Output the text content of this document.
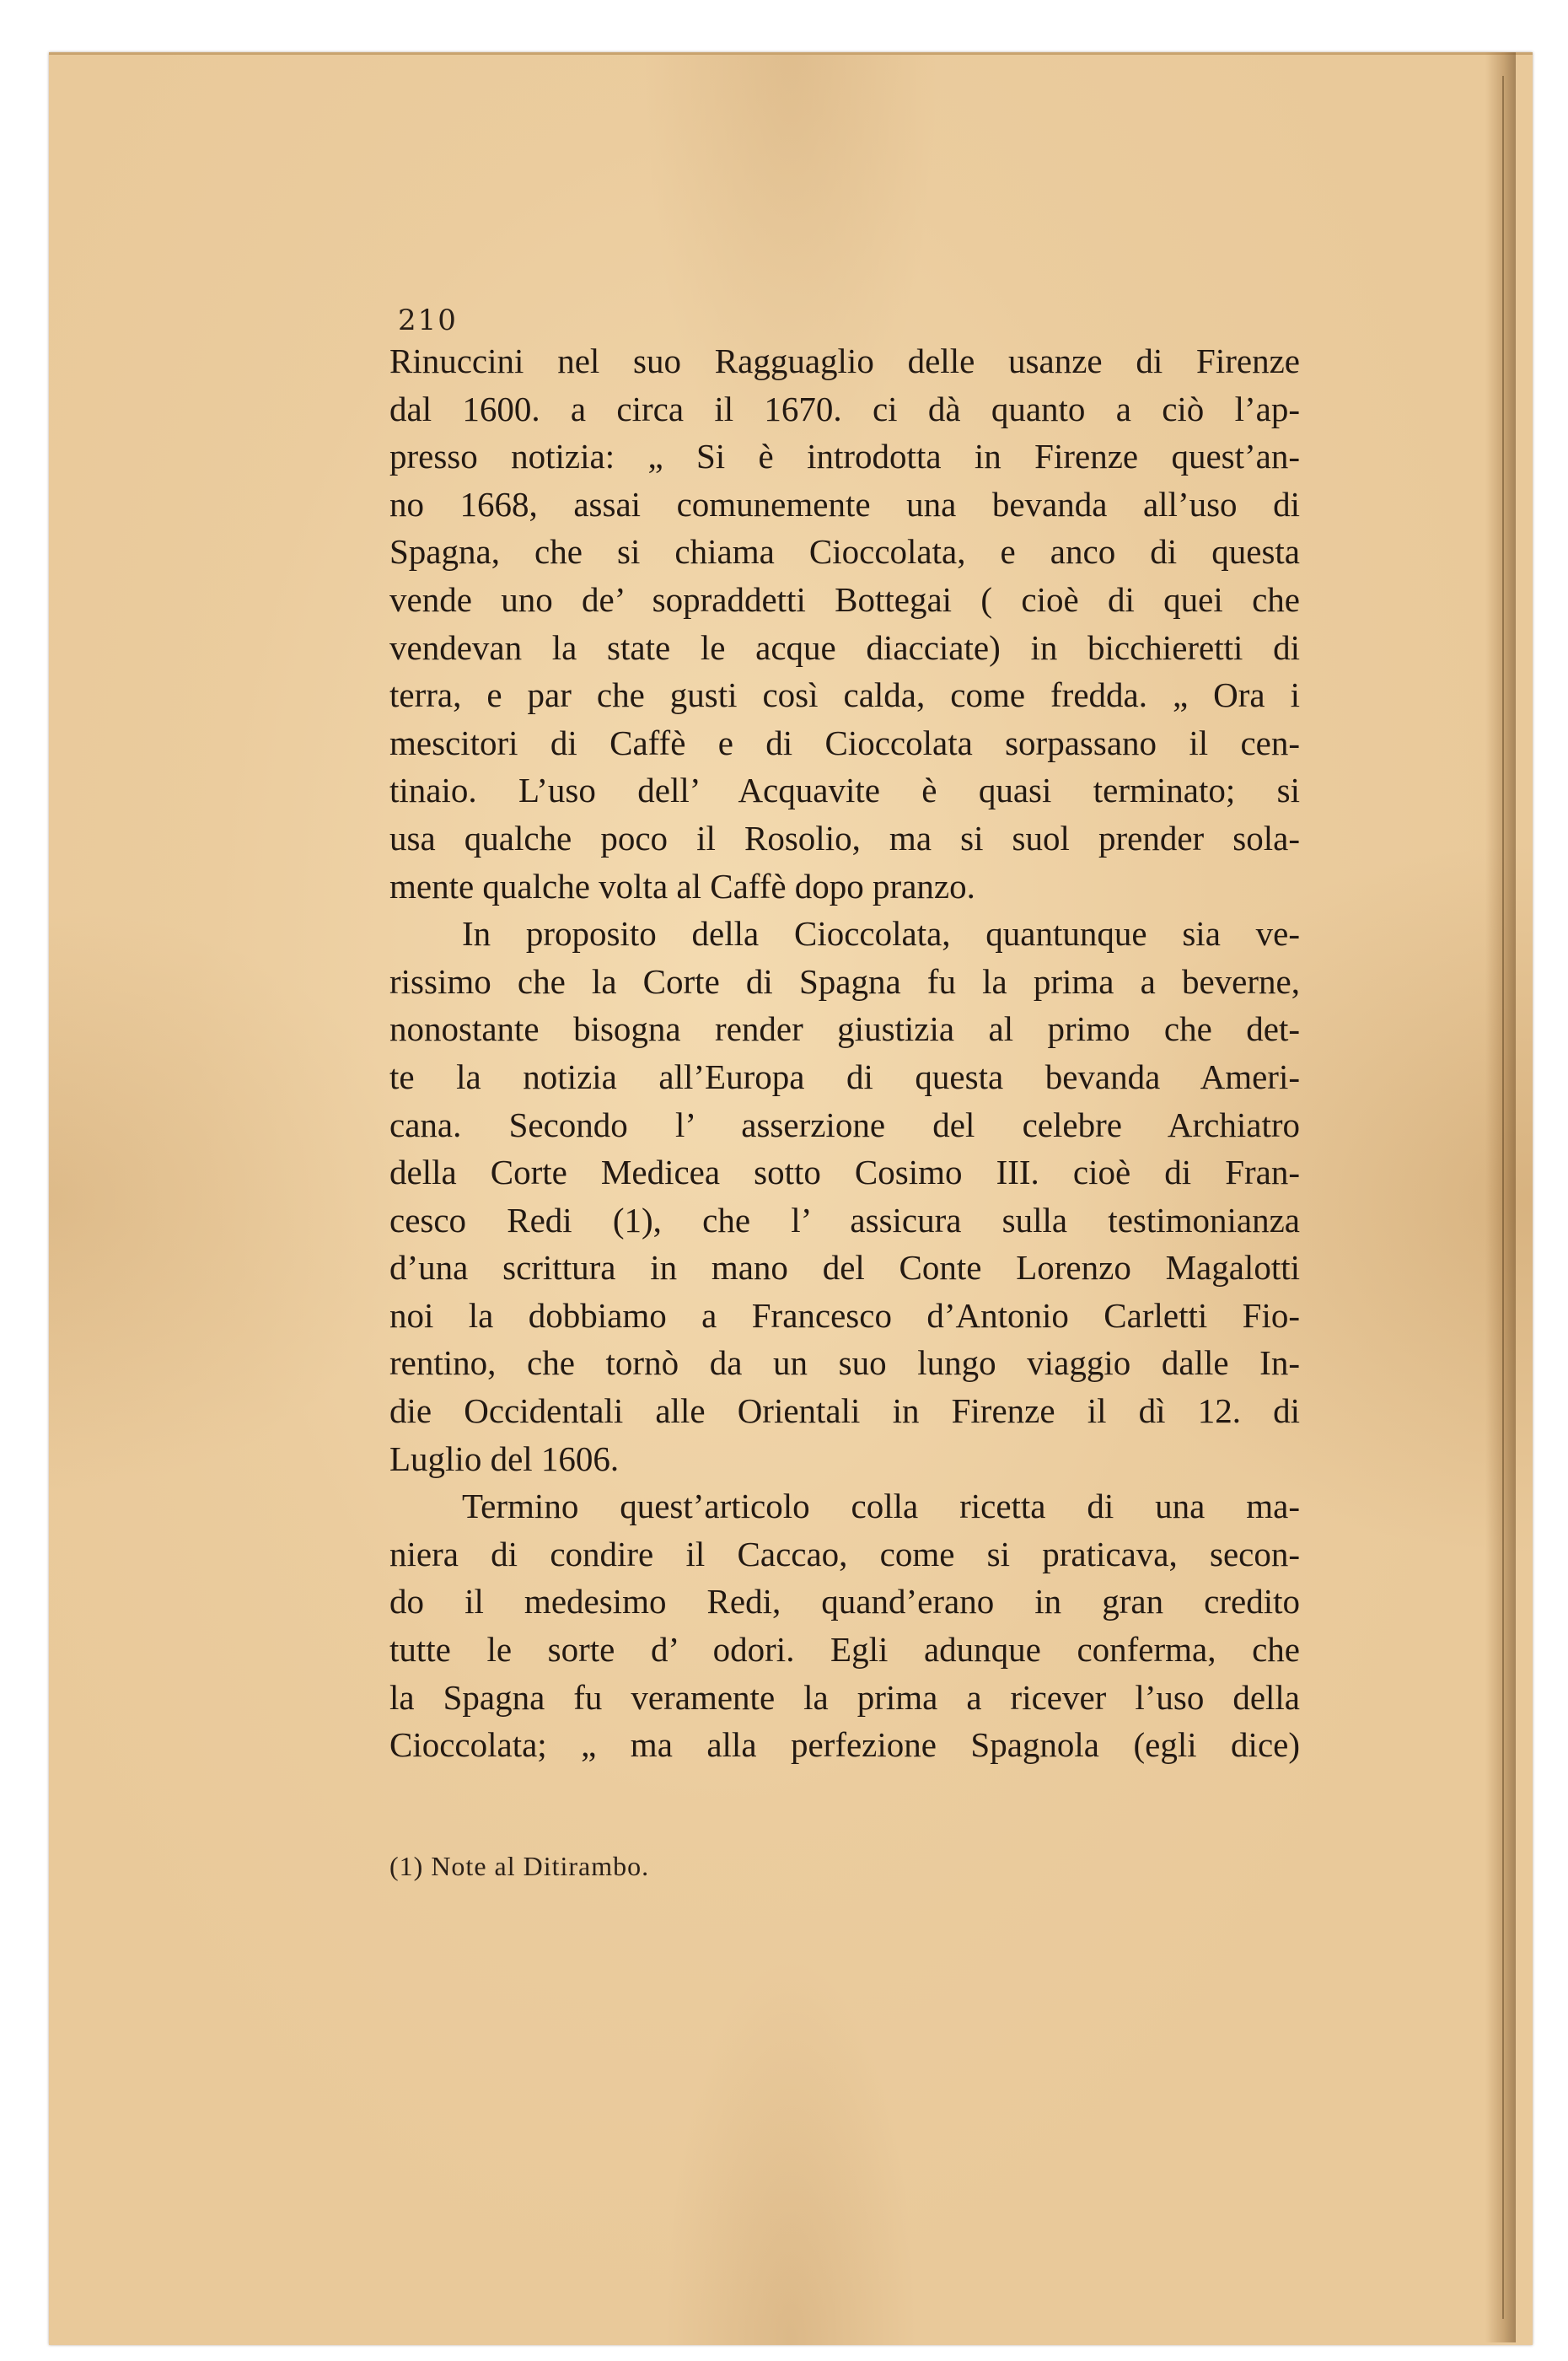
210
Rinuccini nel suo Ragguaglio delle usanze di Firenze
dal 1600. a circa il 1670. ci dà quanto a ciò l’ap-
presso notizia: „ Si è introdotta in Firenze quest’an-
no 1668, assai comunemente una bevanda all’uso di
Spagna, che si chiama Cioccolata, e anco di questa
vende uno de’ sopraddetti Bottegai ( cioè di quei che
vendevan la state le acque diacciate) in bicchieretti di
terra, e par che gusti così calda, come fredda. „ Ora i
mescitori di Caffè e di Cioccolata sorpassano il cen-
tinaio. L’uso dell’ Acquavite è quasi terminato; si
usa qualche poco il Rosolio, ma si suol prender sola-
mente qualche volta al Caffè dopo pranzo.
In proposito della Cioccolata, quantunque sia ve-
rissimo che la Corte di Spagna fu la prima a beverne,
nonostante bisogna render giustizia al primo che det-
te la notizia all’Europa di questa bevanda Ameri-
cana. Secondo l’ asserzione del celebre Archiatro
della Corte Medicea sotto Cosimo III. cioè di Fran-
cesco Redi (1), che l’ assicura sulla testimonianza
d’una scrittura in mano del Conte Lorenzo Magalotti
noi la dobbiamo a Francesco d’Antonio Carletti Fio-
rentino, che tornò da un suo lungo viaggio dalle In-
die Occidentali alle Orientali in Firenze il dì 12. di
Luglio del 1606.
Termino quest’articolo colla ricetta di una ma-
niera di condire il Caccao, come si praticava, secon-
do il medesimo Redi, quand’erano in gran credito
tutte le sorte d’ odori. Egli adunque conferma, che
la Spagna fu veramente la prima a ricever l’uso della
Cioccolata; „ ma alla perfezione Spagnola (egli dice)
(1) Note al Ditirambo.
